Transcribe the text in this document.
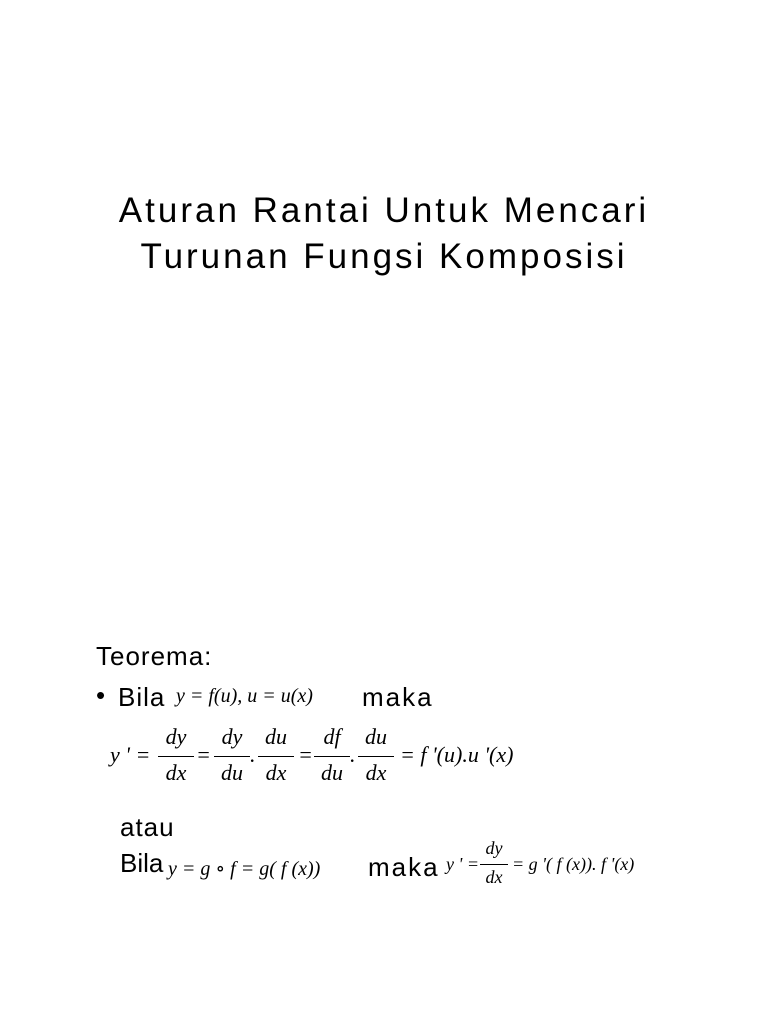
Aturan Rantai Untuk Mencari
Turunan Fungsi Komposisi
Teorema:
• Bila y = f(u), u = u(x) maka
y ' =
dy
dx
=
dy
du
.
du
dx
=
df
du
.
du
dx
= f '(u).u '(x)
atau
Bila y = g ∘ f = g( f (x)) maka y ' =
dy
dx
= g '( f (x)). f '(x)
